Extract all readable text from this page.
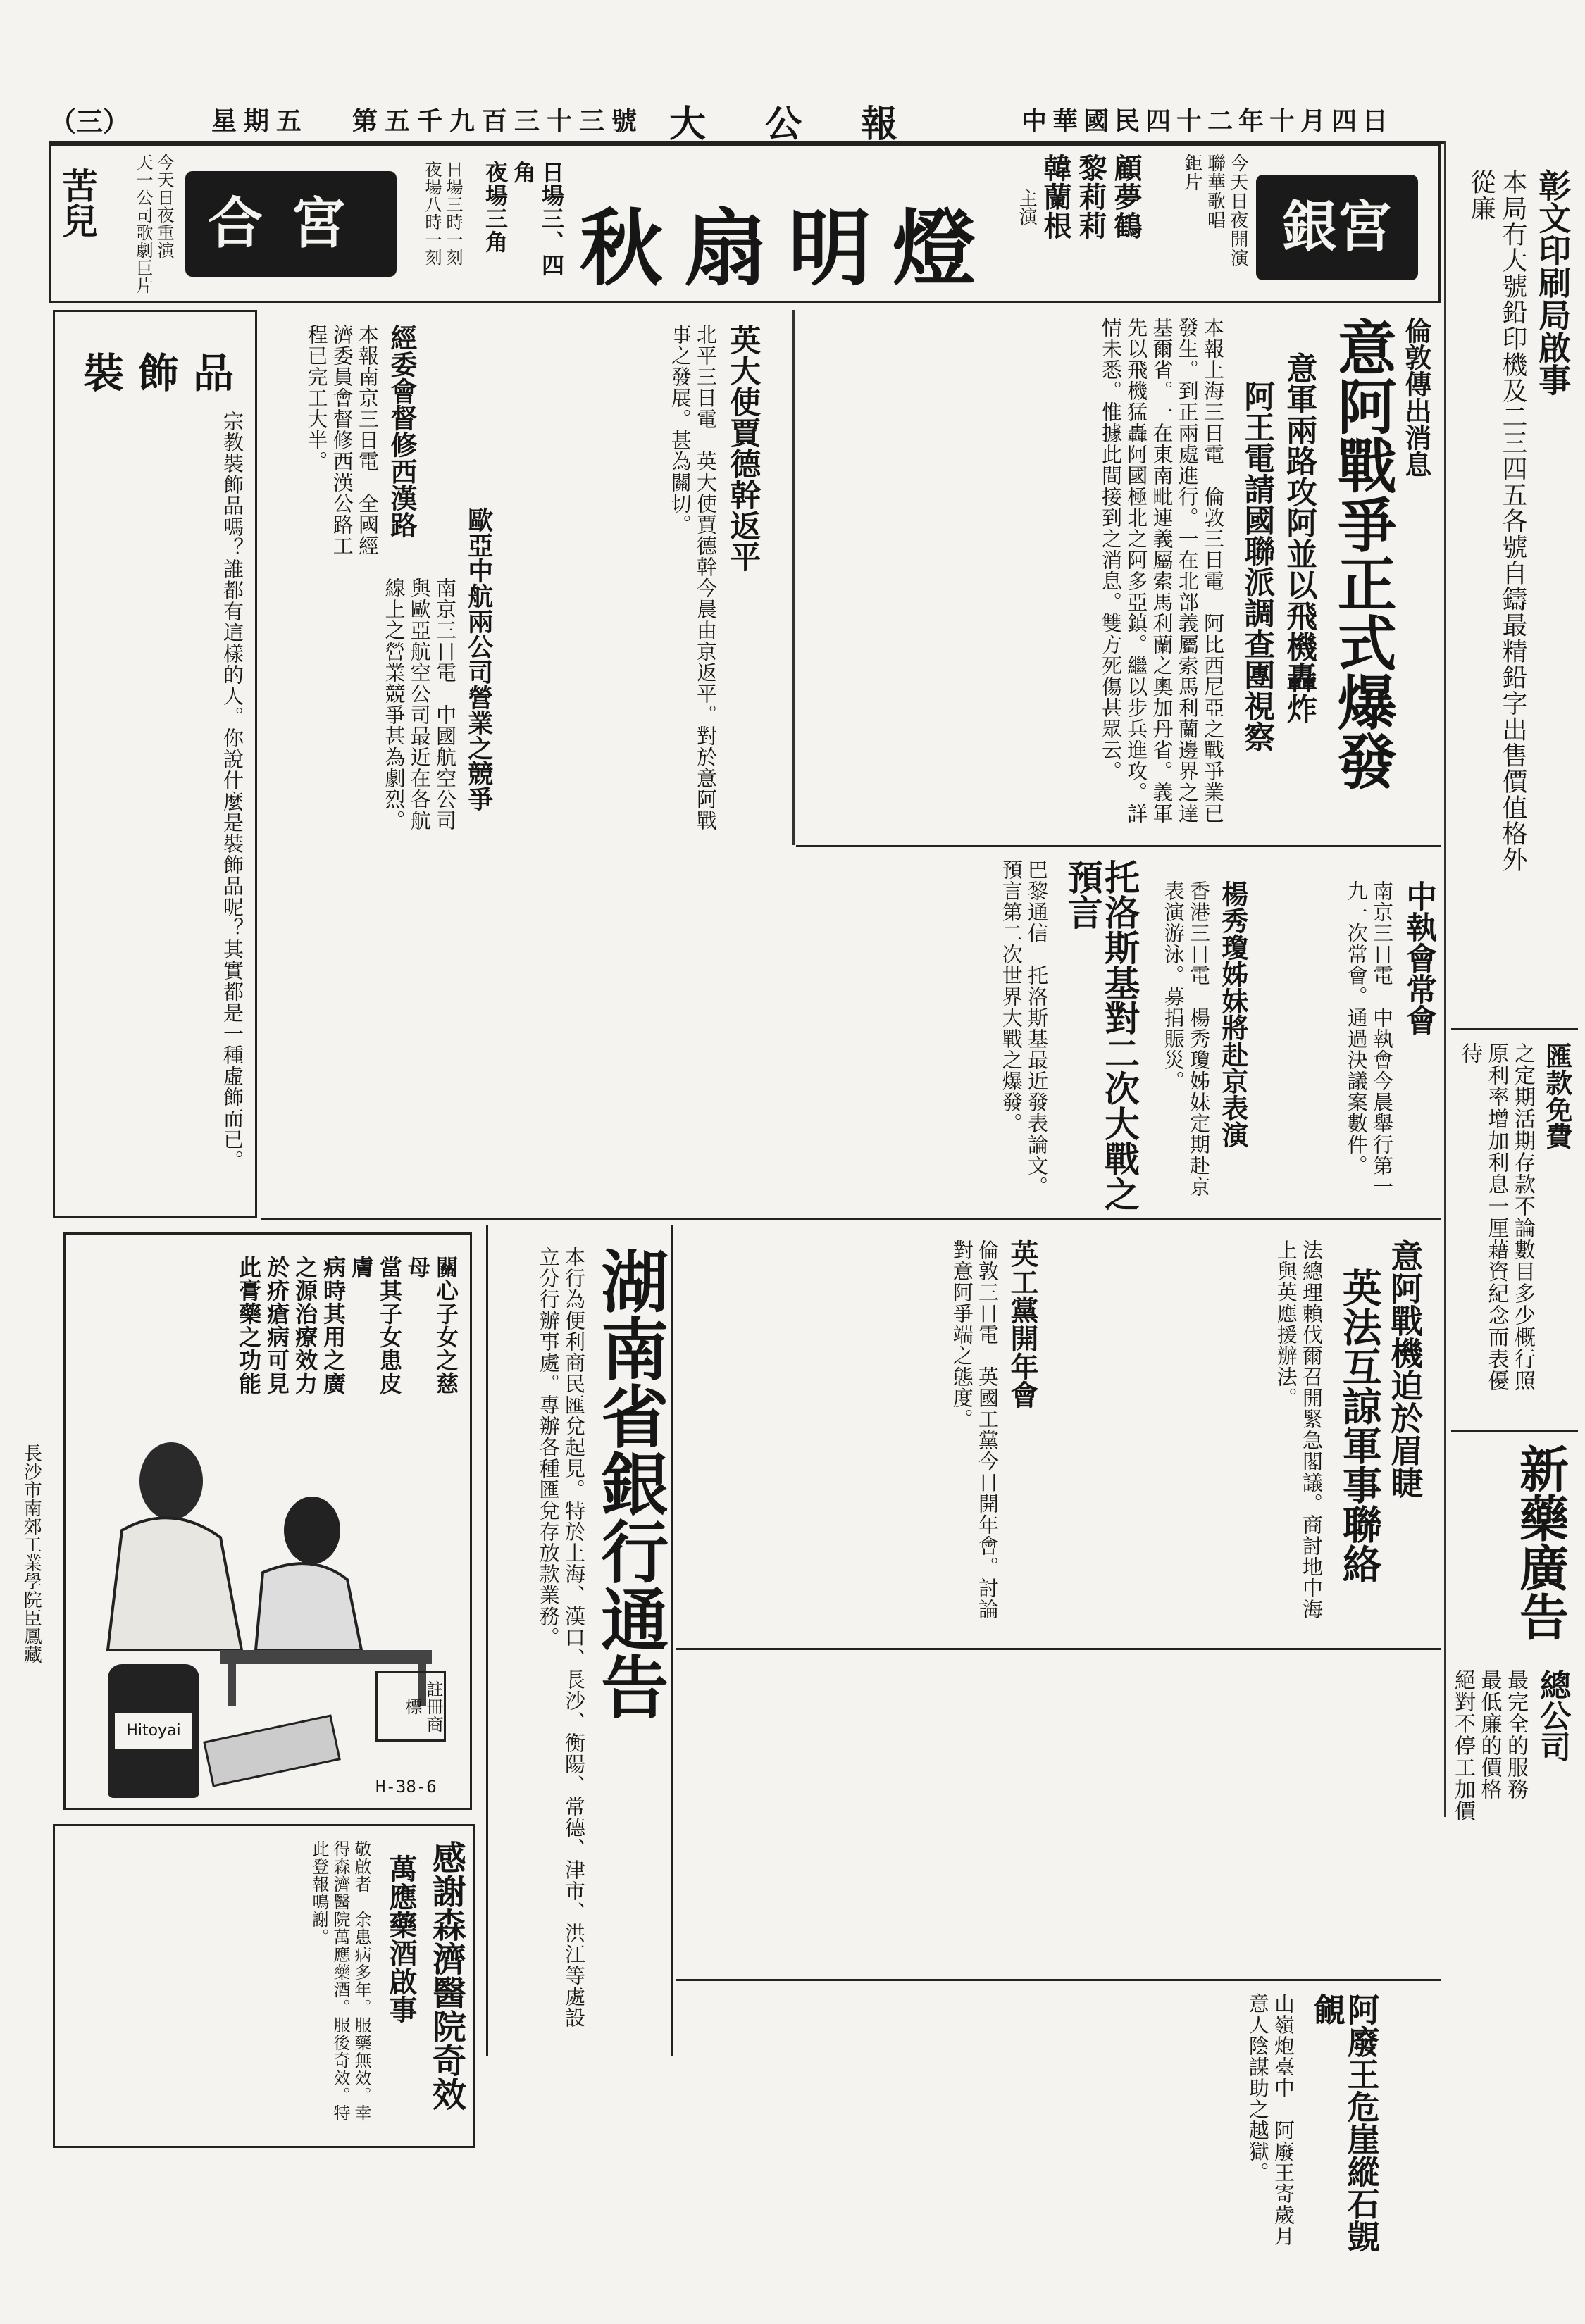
（三）	星期五 第五千九百三十三號 大　公　報	中華國民四十二年十月四日
彰文印刷局啟事
本局有大號鉛印機及二三四五各號自鑄最精鉛字出售價值格外從廉
匯款免費
之定期活期存款不論數目多少概行照原利率增加利息一厘藉資紀念而表優待
新藥廣告
總公司
最完全的服務
最低廉的價格
絕對不停工加價
銀宮
今天日夜開演
聯華歌唱
鉅片
顧夢鶴
黎莉莉
韓蘭根
主演
秋扇明燈
日場三、四角
夜場三角
日場三時一刻
夜場八時一刻
合宮
今天日夜重演
天一公司歌劇巨片
苦兒
倫敦傳出消息
意阿戰爭正式爆發
意軍兩路攻阿並以飛機轟炸
阿王電請國聯派調查團視察
本報上海三日電　倫敦三日電　阿比西尼亞之戰爭業已發生。到正兩處進行。一在北部義屬索馬利蘭邊界之達基爾省。一在東南毗連義屬索馬利蘭之奧加丹省。義軍先以飛機猛轟阿國極北之阿多亞鎮。繼以步兵進攻。詳情未悉。惟據此間接到之消息。雙方死傷甚眾云。
英大使賈德幹返平
北平三日電　英大使賈德幹今晨由京返平。對於意阿戰事之發展。甚為關切。
歐亞中航兩公司營業之競爭
南京三日電　中國航空公司與歐亞航空公司最近在各航線上之營業競爭甚為劇烈。
經委會督修西漢路
本報南京三日電　全國經濟委員會督修西漢公路工程已完工大半。
裝飾品
宗教裝飾品嗎？誰都有這樣的人。你說什麼是裝飾品呢？其實都是一種虛飾而已。	托洛斯基對二次大戰之預言
巴黎通信　托洛斯基最近發表論文。預言第二次世界大戰之爆發。	中執會常會
南京三日電　中執會今晨舉行第一九一次常會。通過決議案數件。
楊秀瓊姊妹將赴京表演
香港三日電　楊秀瓊姊妹定期赴京表演游泳。募捐賑災。
關心子女之慈母
當其子女患皮膚
病時其用之廣
之源治療效力
於疥瘡病可見
此膏藥之功能
Hitoyai	註冊商標
H-38-6
湖南省銀行通告
本行為便利商民匯兌起見。特於上海、漢口、長沙、衡陽、常德、津市、洪江等處設立分行辦事處。專辦各種匯兌存放款業務。	意阿戰機迫於眉睫
英法互諒軍事聯絡
法總理賴伐爾召開緊急閣議。商討地中海上與英應援辦法。
英工黨開年會
倫敦三日電　英國工黨今日開年會。討論對意阿爭端之態度。
阿廢王危崖縱石覬覦
山嶺炮臺中　阿廢王寄歲月　意人陰謀助之越獄。
感謝森濟醫院奇效
萬應藥酒啟事
敬啟者　余患病多年。服藥無效。幸得森濟醫院萬應藥酒。服後奇效。特此登報鳴謝。
長沙市南郊工業學院臣鳳藏
